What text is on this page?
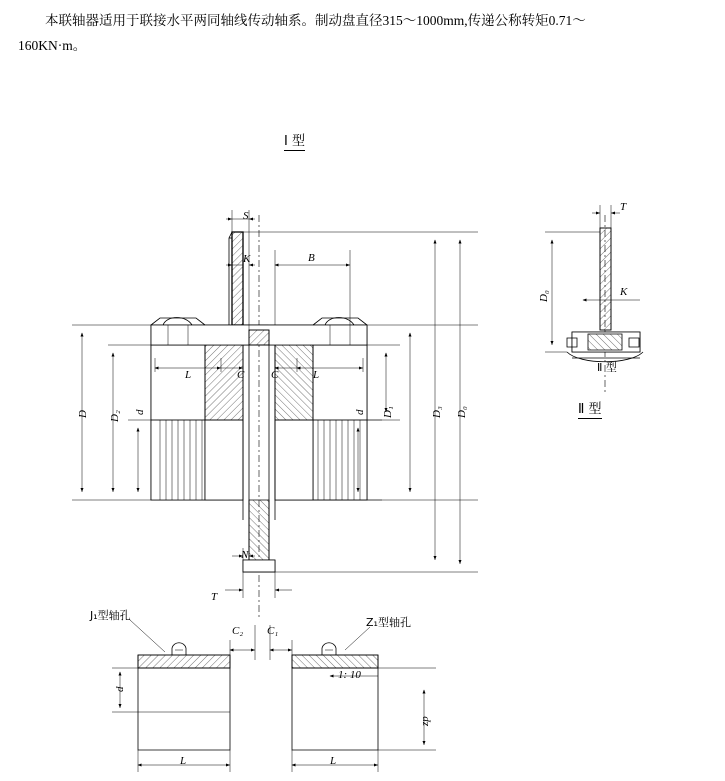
本联轴器适用于联接水平两同轴线传动轴系。制动盘直径315～1000mm,传递公称转矩0.71～
160KN·m。
Ⅰ 型
Ⅱ 型
Ⅱ 型
S
K	B
L	C C	L
D D₂ d	d D₁	D₃ D₀
N
T
T
D₀	K
J₁型轴孔
Z₁型轴孔
C₂ C₁
d
1: 10
zp
L	L
